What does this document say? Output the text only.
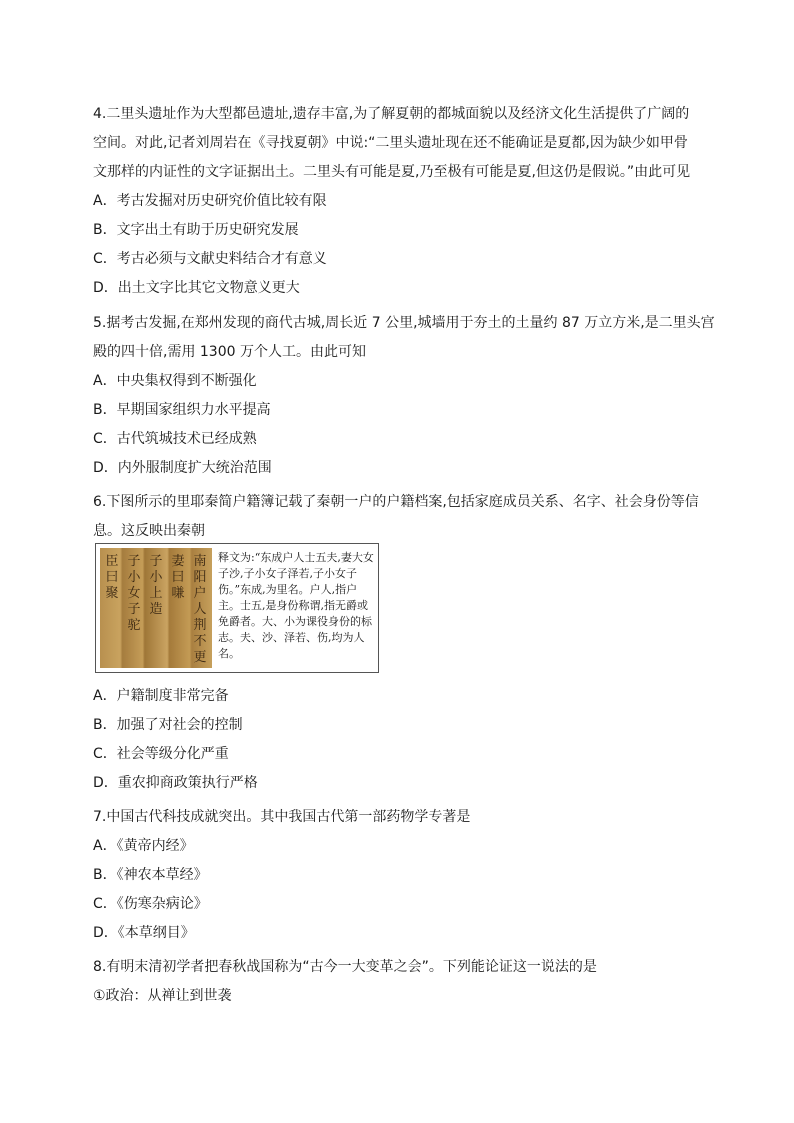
4.二里头遗址作为大型都邑遗址,遗存丰富,为了解夏朝的都城面貌以及经济文化生活提供了广阔的
空间。对此,记者刘周岩在《寻找夏朝》中说:“二里头遗址现在还不能确证是夏都,因为缺少如甲骨
文那样的内证性的文字证据出土。二里头有可能是夏,乃至极有可能是夏,但这仍是假说。”由此可见
A．考古发掘对历史研究价值比较有限
B．文字出土有助于历史研究发展
C．考古必须与文献史料结合才有意义
D．出土文字比其它文物意义更大
5.据考古发掘,在郑州发现的商代古城,周长近 7 公里,城墙用于夯土的土量约 87 万立方米,是二里头宫
殿的四十倍,需用 1300 万个人工。由此可知
A．中央集权得到不断强化
B．早期国家组织力水平提高
C．古代筑城技术已经成熟
D．内外服制度扩大统治范围
6.下图所示的里耶秦简户籍簿记载了秦朝一户的户籍档案,包括家庭成员关系、名字、社会身份等信
息。这反映出秦朝
臣曰聚
子小女子驼
子小上造
妻曰嗛
南阳户人荆不更
释文为:“东成户人士五夫,妻大女子沙,子小女子泽若,子小女子伤。”东成,为里名。户人,指户主。士五,是身份称谓,指无爵或免爵者。大、小为课役身份的标志。夫、沙、泽若、伤,均为人名。
A．户籍制度非常完备
B．加强了对社会的控制
C．社会等级分化严重
D．重农抑商政策执行严格
7.中国古代科技成就突出。其中我国古代第一部药物学专著是
A．《黄帝内经》
B．《神农本草经》
C．《伤寒杂病论》
D．《本草纲目》
8.有明末清初学者把春秋战国称为“古今一大变革之会”。下列能论证这一说法的是
①政治：从禅让到世袭
